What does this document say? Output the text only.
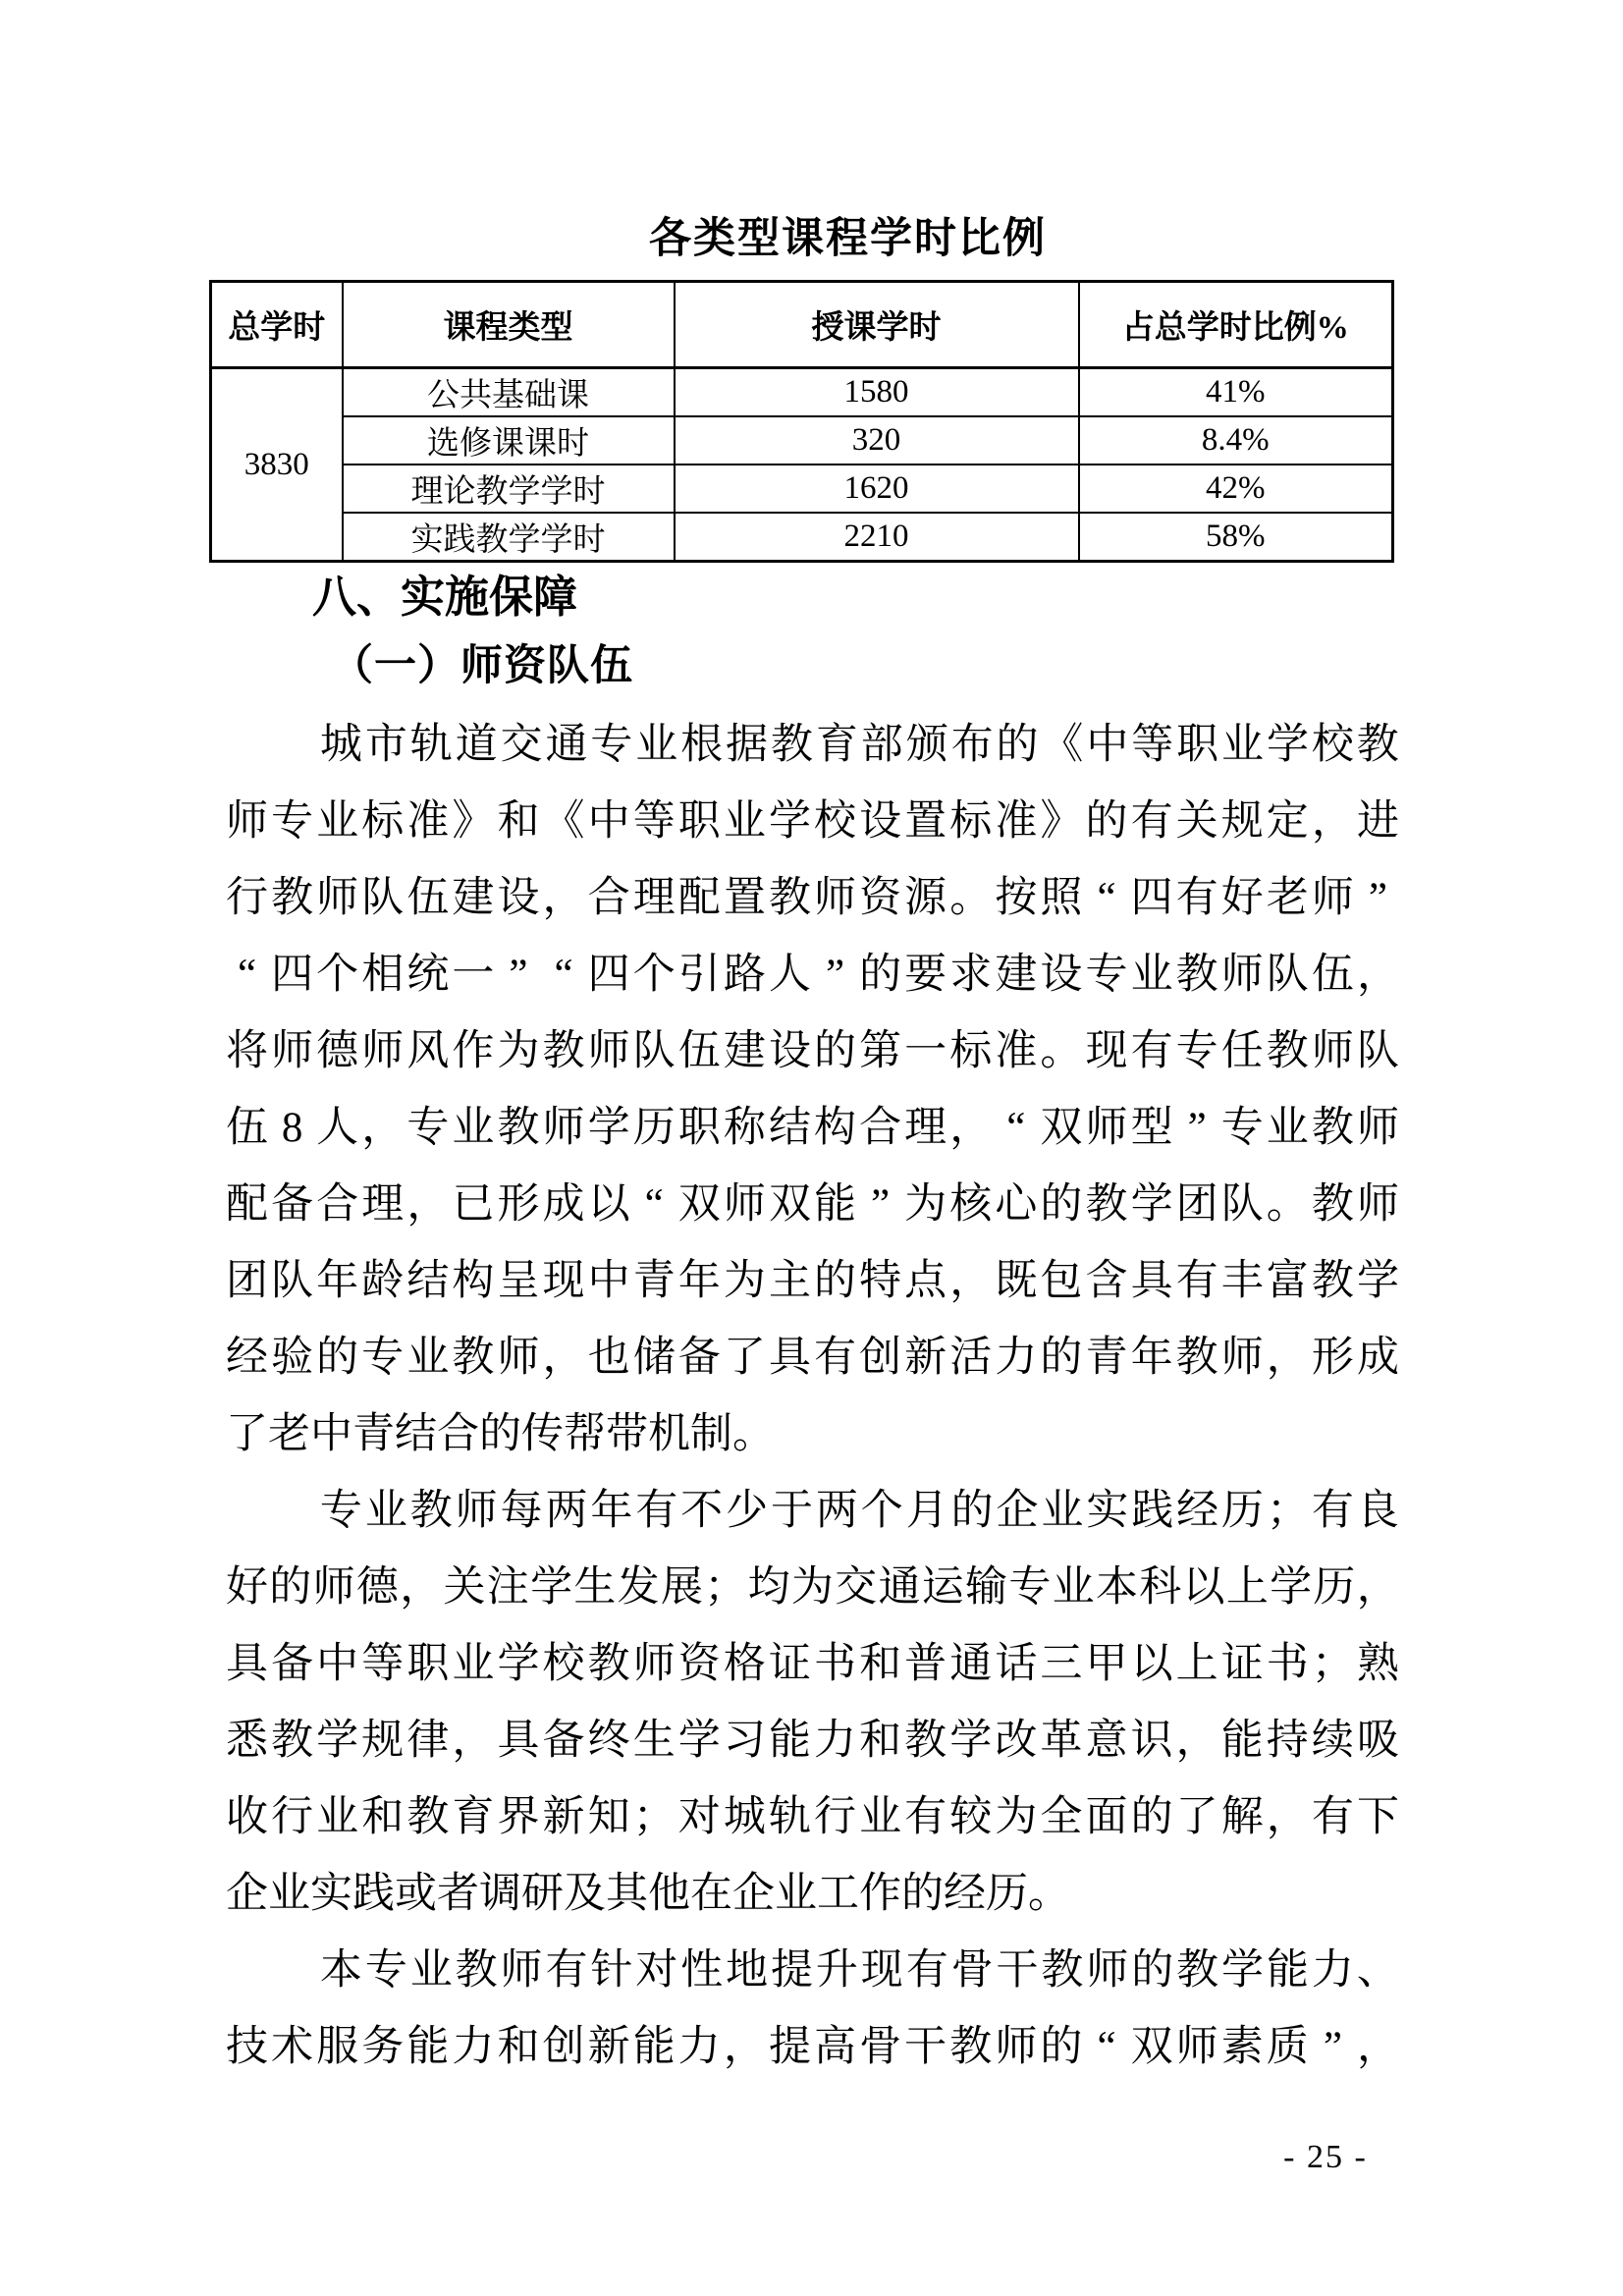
各类型课程学时比例
总学时	课程类型	授课学时	占总学时比例%
3830	公共基础课	1580	41%
	选修课课时	320	8.4%
	理论教学学时	1620	42%
	实践教学学时	2210	58%
八、实施保障
（一）师资队伍
城 市 轨 道 交 通 专 业 根 据 教 育 部 颁 布 的 《 中 等 职 业 学 校 教
师 专 业 标 准 》 和 《 中 等 职 业 学 校 设 置 标 准 》 的 有 关 规 定 ， 进
行 教 师 队 伍 建 设 ， 合 理 配 置 教 师 资 源 。 按 照 “ 四 有 好 老 师 ”
“ 四 个 相 统 一 ” “ 四 个 引 路 人 ” 的 要 求 建 设 专 业 教 师 队 伍 ，
将 师 德 师 风 作 为 教 师 队 伍 建 设 的 第 一 标 准 。 现 有 专 任 教 师 队
伍 8 人 ， 专 业 教 师 学 历 职 称 结 构 合 理 ， “ 双 师 型 ” 专 业 教 师
配 备 合 理 ， 已 形 成 以 “ 双 师 双 能 ” 为 核 心 的 教 学 团 队 。 教 师
团 队 年 龄 结 构 呈 现 中 青 年 为 主 的 特 点 ， 既 包 含 具 有 丰 富 教 学
经 验 的 专 业 教 师 ， 也 储 备 了 具 有 创 新 活 力 的 青 年 教 师 ， 形 成
了 老 中 青 结 合 的 传 帮 带 机 制 。
专 业 教 师 每 两 年 有 不 少 于 两 个 月 的 企 业 实 践 经 历 ； 有 良
好 的 师 德 ， 关 注 学 生 发 展 ； 均 为 交 通 运 输 专 业 本 科 以 上 学 历 ，
具 备 中 等 职 业 学 校 教 师 资 格 证 书 和 普 通 话 三 甲 以 上 证 书 ； 熟
悉 教 学 规 律 ， 具 备 终 生 学 习 能 力 和 教 学 改 革 意 识 ， 能 持 续 吸
收 行 业 和 教 育 界 新 知 ； 对 城 轨 行 业 有 较 为 全 面 的 了 解 ， 有 下
企 业 实 践 或 者 调 研 及 其 他 在 企 业 工 作 的 经 历 。
本 专 业 教 师 有 针 对 性 地 提 升 现 有 骨 干 教 师 的 教 学 能 力 、
技 术 服 务 能 力 和 创 新 能 力 ， 提 高 骨 干 教 师 的 “ 双 师 素 质 ” ，
- 25 -
